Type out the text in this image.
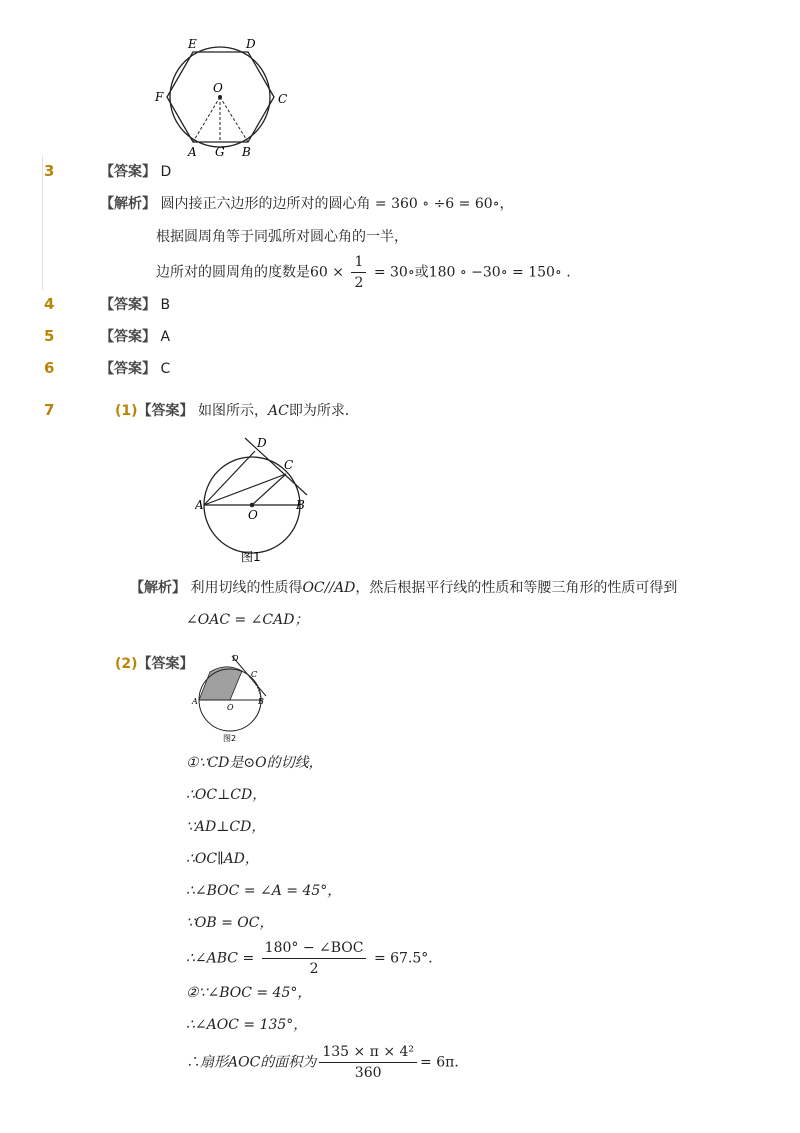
E	D
F	C
O
A G B
3	【答案】 D
【解析】 圆内接正六边形的边所对的圆心角 = 360 ∘ ÷6 = 60∘，
根据圆周角等于同弧所对圆心角的一半，
边所对的圆周角的度数是$60 \times \frac{1}{2}$ = 30∘或180 ∘ −30∘ = 150∘ .
4	【答案】 B
5	【答案】 A
6	【答案】 C
7	(1)【答案】 如图所示，AC即为所求．
D
C
A
O
B
图1
【解析】 利用切线的性质得OC//AD，然后根据平行线的性质和等腰三角形的性质可得到
∠OAC = ∠CAD；
(2)【答案】	D
C
A
O
B
图2
①∵CD是⊙O的切线，
∴OC⊥CD，
∵AD⊥CD，
∴OC∥AD，
∴∠BOC = ∠A = 45°，
∵OB = OC，
∴∠ABC = $\frac{\text{180° − ∠BOC}}{2} = 67.5^\circ$．
②∵∠BOC = 45°，
∴∠AOC = 135°，
∴扇形AOC的面积为 $\frac{\text{135 × π × 4²}}{360} = 6\pi$．
